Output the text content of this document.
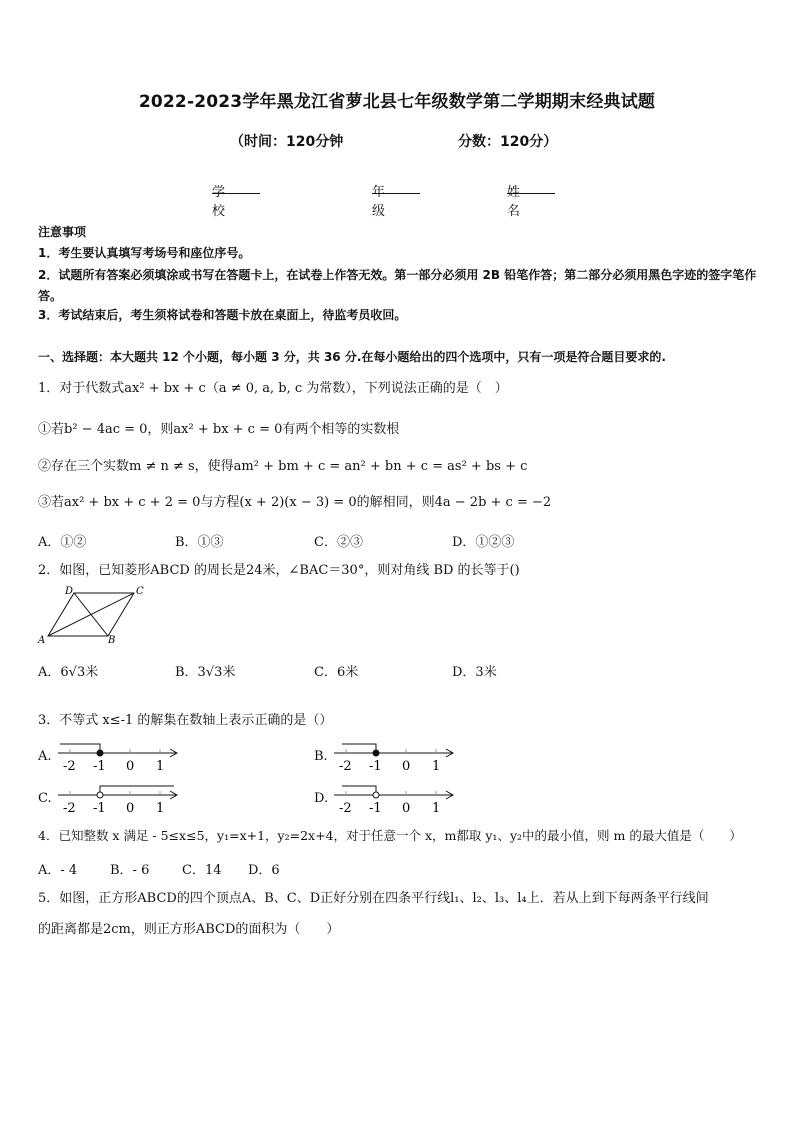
2022-2023学年黑龙江省萝北县七年级数学第二学期期末经典试题
（时间：120分钟	分数：120分）
学校
年级
姓名
注意事项
1．考生要认真填写考场号和座位序号。
2．试题所有答案必须填涂或书写在答题卡上，在试卷上作答无效。第一部分必须用 2B 铅笔作答；第二部分必须用黑色字迹的签字笔作答。
3．考试结束后，考生须将试卷和答题卡放在桌面上，待监考员收回。
一、选择题：本大题共 12 个小题，每小题 3 分，共 36 分.在每小题给出的四个选项中，只有一项是符合题目要求的.
1．对于代数式ax² + bx + c（a ≠ 0, a, b, c 为常数），下列说法正确的是（　）
①若b² − 4ac = 0，则ax² + bx + c = 0有两个相等的实数根
②存在三个实数m ≠ n ≠ s，使得am² + bm + c = an² + bn + c = as² + bs + c
③若ax² + bx + c + 2 = 0与方程(x + 2)(x − 3) = 0的解相同，则4a − 2b + c = −2
A．①②	B．①③	C．②③	D．①②③
2．如图，已知菱形ABCD 的周长是24米，∠BAC＝30°，则对角线 BD 的长等于()
D	C
A	B
A．6√3米	B．3√3米	C．6米	D．3米
3．不等式 x≤-1 的解集在数轴上表示正确的是（）
A.
-2 -1 0 1
B.
-2 -1 0 1
C.
-2 -1 0 1
D.
-2 -1 0 1
4．已知整数 x 满足 - 5≤x≤5，y₁=x+1，y₂=2x+4，对于任意一个 x，m都取 y₁、y₂中的最小值，则 m 的最大值是（　　）
A．- 4	B．- 6	C．14 D．6
5．如图，正方形ABCD的四个顶点A、B、C、D正好分别在四条平行线l₁、l₂、l₃、l₄上．若从上到下每两条平行线间
的距离都是2cm，则正方形ABCD的面积为（　　）
